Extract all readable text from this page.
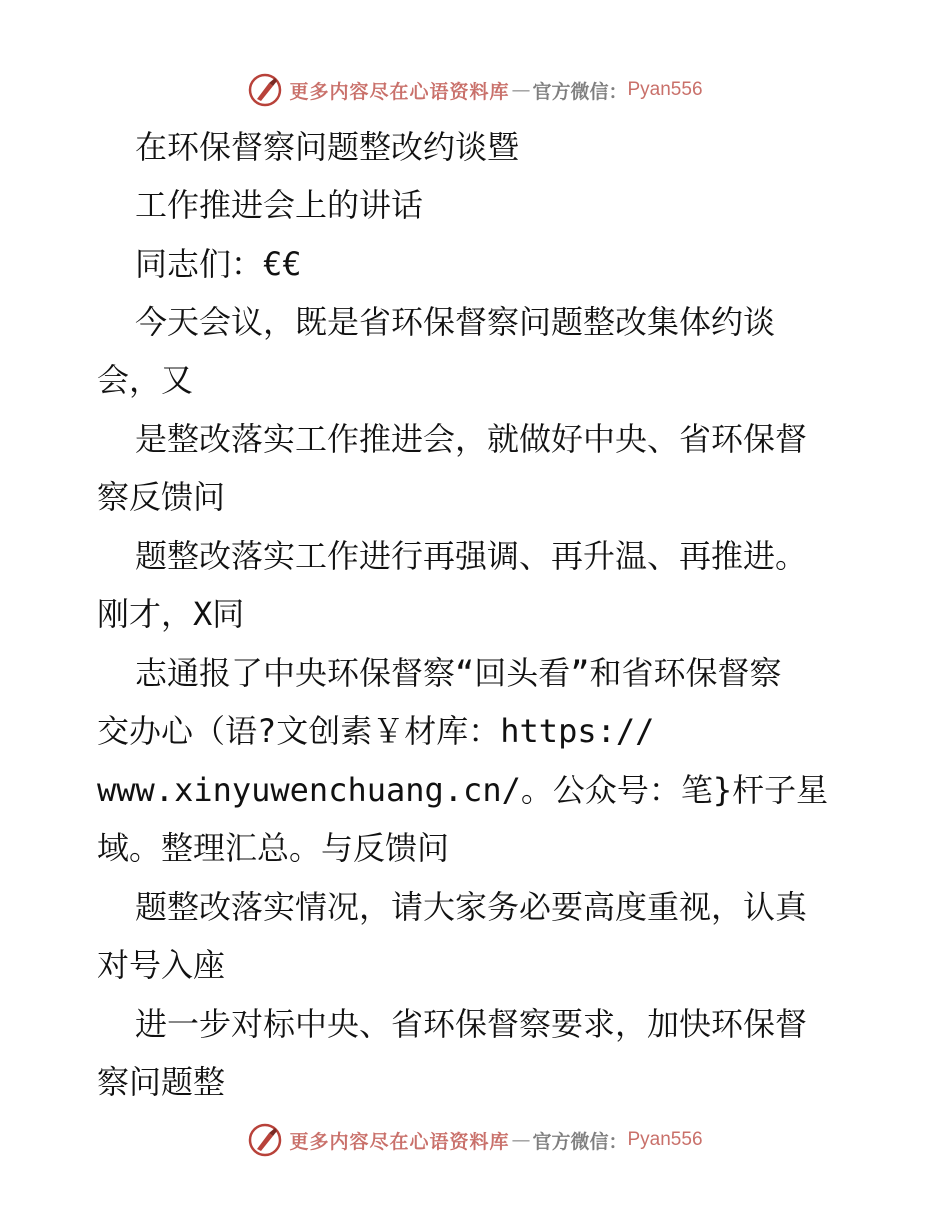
更多内容尽在心语资料库 — 官方微信： Pyan556
在环保督察问题整改约谈暨
工作推进会上的讲话
同志们：€€
今天会议，既是省环保督察问题整改集体约谈
会，又
是整改落实工作推进会，就做好中央、省环保督
察反馈问
题整改落实工作进行再强调、再升温、再推进。
刚才，X同
志通报了中央环保督察“回头看”和省环保督察
交办心（语?文创素￥材库：https://
www.xinyuwenchuang.cn/。公众号：笔}杆子星
域。整理汇总。与反馈问
题整改落实情况，请大家务必要高度重视，认真
对号入座
进一步对标中央、省环保督察要求，加快环保督
察问题整
更多内容尽在心语资料库 — 官方微信： Pyan556
